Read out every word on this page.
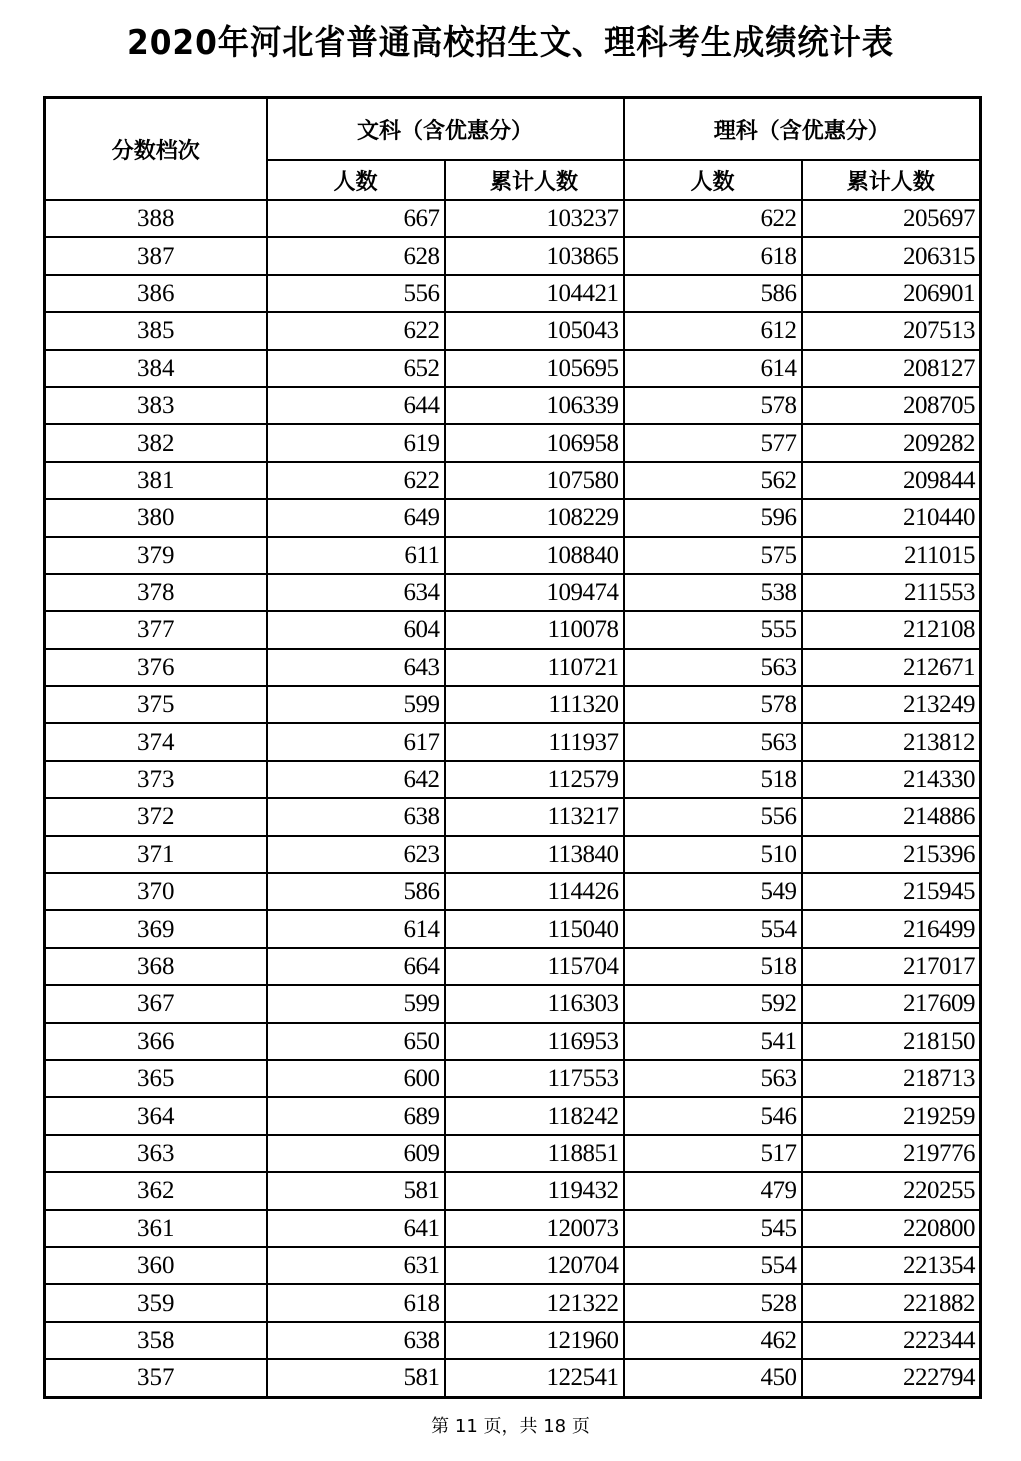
2020年河北省普通高校招生文、理科考生成绩统计表
分数档次	文科（含优惠分）		理科（含优惠分）	
	人数	累计人数	人数	累计人数
388	667	103237	622	205697
387	628	103865	618	206315
386	556	104421	586	206901
385	622	105043	612	207513
384	652	105695	614	208127
383	644	106339	578	208705
382	619	106958	577	209282
381	622	107580	562	209844
380	649	108229	596	210440
379	611	108840	575	211015
378	634	109474	538	211553
377	604	110078	555	212108
376	643	110721	563	212671
375	599	111320	578	213249
374	617	111937	563	213812
373	642	112579	518	214330
372	638	113217	556	214886
371	623	113840	510	215396
370	586	114426	549	215945
369	614	115040	554	216499
368	664	115704	518	217017
367	599	116303	592	217609
366	650	116953	541	218150
365	600	117553	563	218713
364	689	118242	546	219259
363	609	118851	517	219776
362	581	119432	479	220255
361	641	120073	545	220800
360	631	120704	554	221354
359	618	121322	528	221882
358	638	121960	462	222344
357	581	122541	450	222794
第 11 页，共 18 页
